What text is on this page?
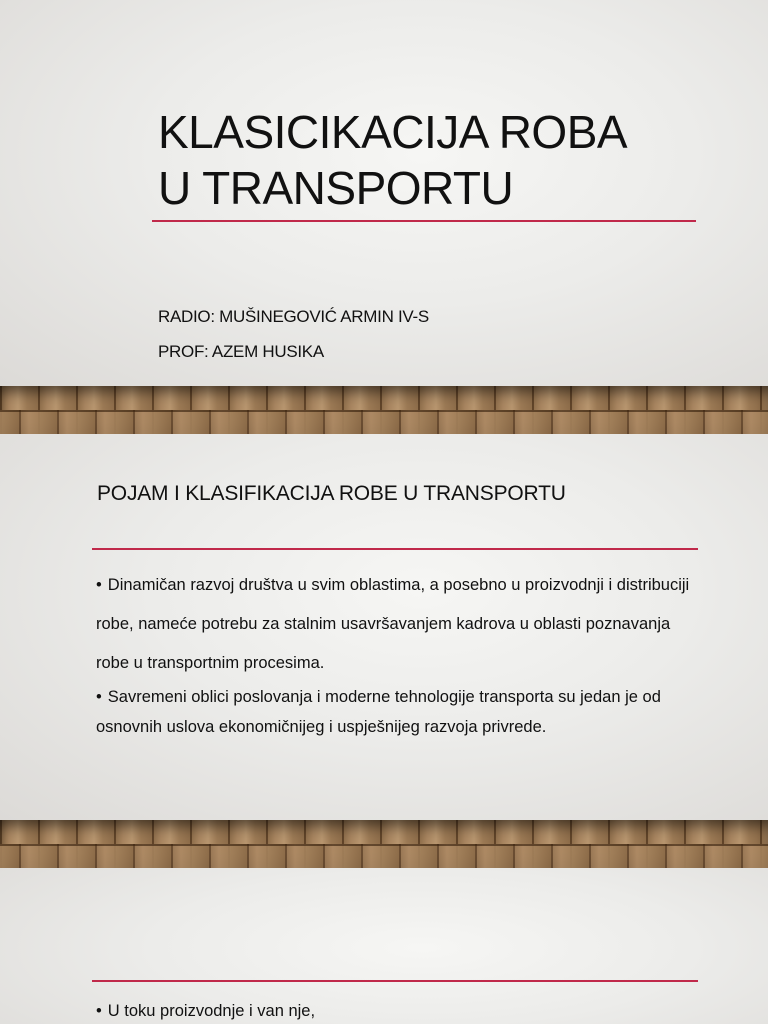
KLASICIKACIJA ROBA
U TRANSPORTU

RADIO: MUŠINEGOVIĆ ARMIN IV-S

PROF: AZEM HUSIKA

POJAM I KLASIFIKACIJA ROBE U TRANSPORTU

• Dinamičan razvoj društva u svim oblastima, a posebno u proizvodnji i distribuciji robe, nameće potrebu za stalnim usavršavanjem kadrova u oblasti poznavanja robe u transportnim procesima.

• Savremeni oblici poslovanja i moderne tehnologije transporta su jedan je od osnovnih uslova ekonomičnijeg i uspješnijeg razvoja privrede.

• U toku proizvodnje i van nje,
